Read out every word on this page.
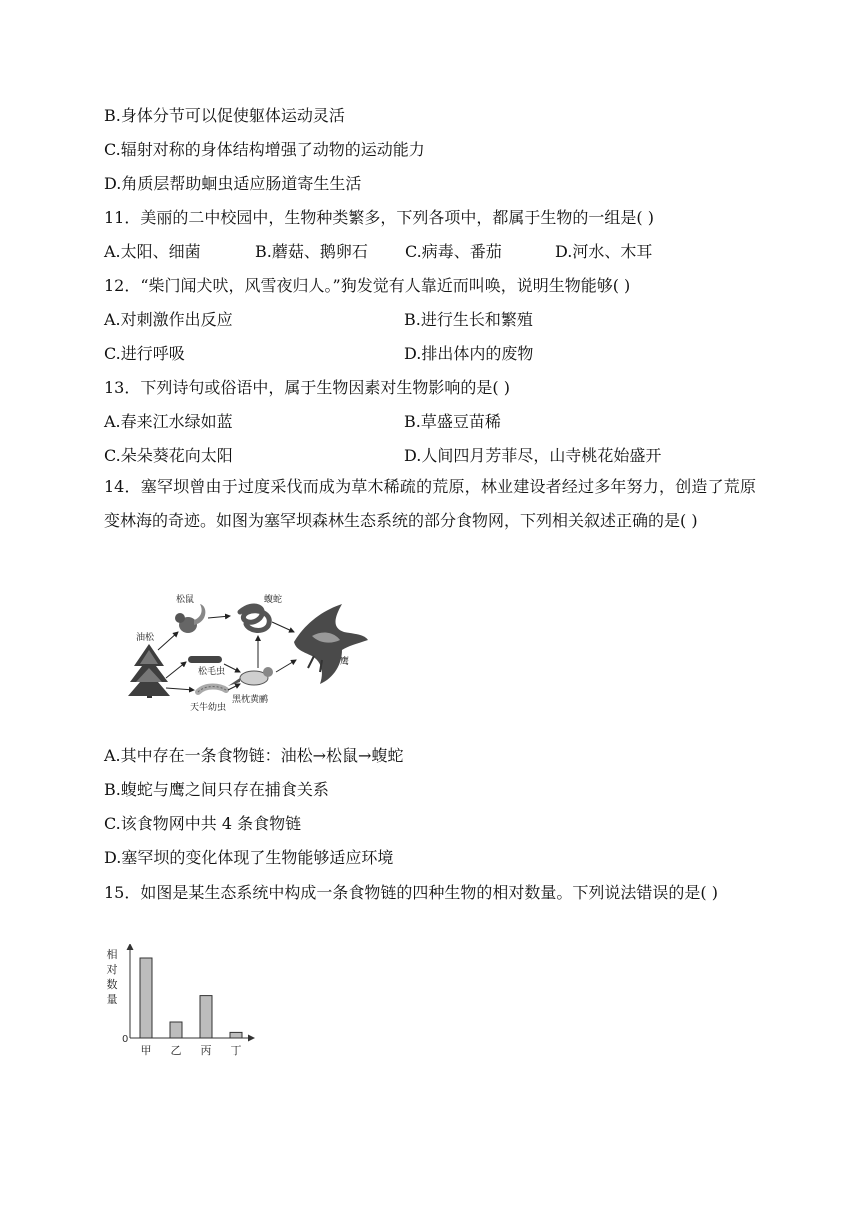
B.身体分节可以促使躯体运动灵活
C.辐射对称的身体结构增强了动物的运动能力
D.角质层帮助蛔虫适应肠道寄生生活
11．美丽的二中校园中，生物种类繁多，下列各项中，都属于生物的一组是( )
A.太阳、细菌	B.蘑菇、鹅卵石 C.病毒、番茄	D.河水、木耳
12．“柴门闻犬吠，风雪夜归人。”狗发觉有人靠近而叫唤，说明生物能够( )
A.对刺激作出反应	B.进行生长和繁殖
C.进行呼吸	D.排出体内的废物
13．下列诗句或俗语中，属于生物因素对生物影响的是( )
A.春来江水绿如蓝	B.草盛豆苗稀
C.朵朵葵花向太阳	D.人间四月芳菲尽，山寺桃花始盛开
14．塞罕坝曾由于过度采伐而成为草木稀疏的荒原，林业建设者经过多年努力，创造了荒原变林海的奇迹。如图为塞罕坝森林生态系统的部分食物网，下列相关叙述正确的是( )
松鼠	蝮蛇
油松
松毛虫
鹰
黑枕黄鹂
天牛幼虫
A.其中存在一条食物链：油松→松鼠→蝮蛇
B.蝮蛇与鹰之间只存在捕食关系
C.该食物网中共 4 条食物链
D.塞罕坝的变化体现了生物能够适应环境
15．如图是某生态系统中构成一条食物链的四种生物的相对数量。下列说法错误的是( )
相
对
数
量
0
甲 乙 丙 丁
